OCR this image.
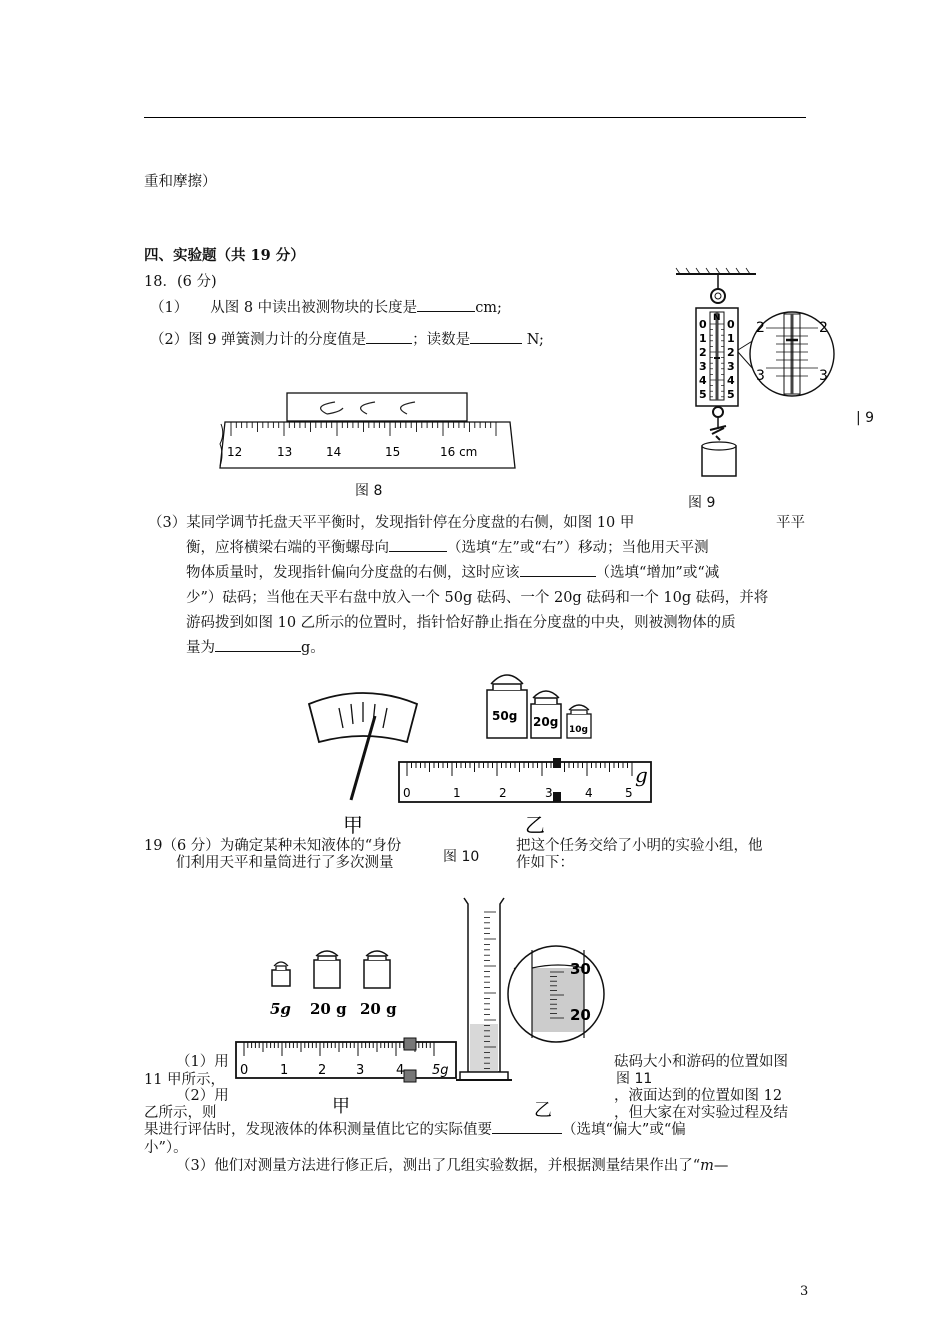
重和摩擦）
四、实验题（共 19 分）
18．(6 分)
（1） 从图 8 中读出被测物块的长度是	cm;
（2）图 9 弹簧测力计的分度值是	；读数是	N;
12	13	14	15	16 cm
图 8
N
0
1
2
3
4
5
0
1
2
3
4
5
2	2
3	3
| 9
图 9
（3）某同学调节托盘天平平衡时，发现指针停在分度盘的右侧，如图 10 甲	平平
衡，应将横梁右端的平衡螺母向	（选填“左”或“右”）移动；当他用天平测
物体质量时，发现指针偏向分度盘的右侧，这时应该	（选填“增加”或“减
少”）砝码；当他在天平右盘中放入一个 50g 砝码、一个 20g 砝码和一个 10g 砝码，并将
游码拨到如图 10 乙所示的位置时，指针恰好静止指在分度盘的中央，则被测物体的质
量为	g。
甲
50g 20g
10g
0	1	2	3	4	5
g
乙
19（6 分）为确定某种未知液体的“身份	把这个任务交给了小明的实验小组，他
们利用天平和量筒进行了多次测量	图 10	作如下：
5g 20 g 20 g
0 1 2 3 4 5g
甲
30
20
乙
（1）用	砝码大小和游码的位置如图
11 甲所示，	图 11
（2）用	，液面达到的位置如图 12
乙所示，则	，但大家在对实验过程及结
果进行评估时，发现液体的体积测量值比它的实际值要	（选填“偏大”或“偏
小”）。
（3）他们对测量方法进行修正后，测出了几组实验数据，并根据测量结果作出了“m—
3
